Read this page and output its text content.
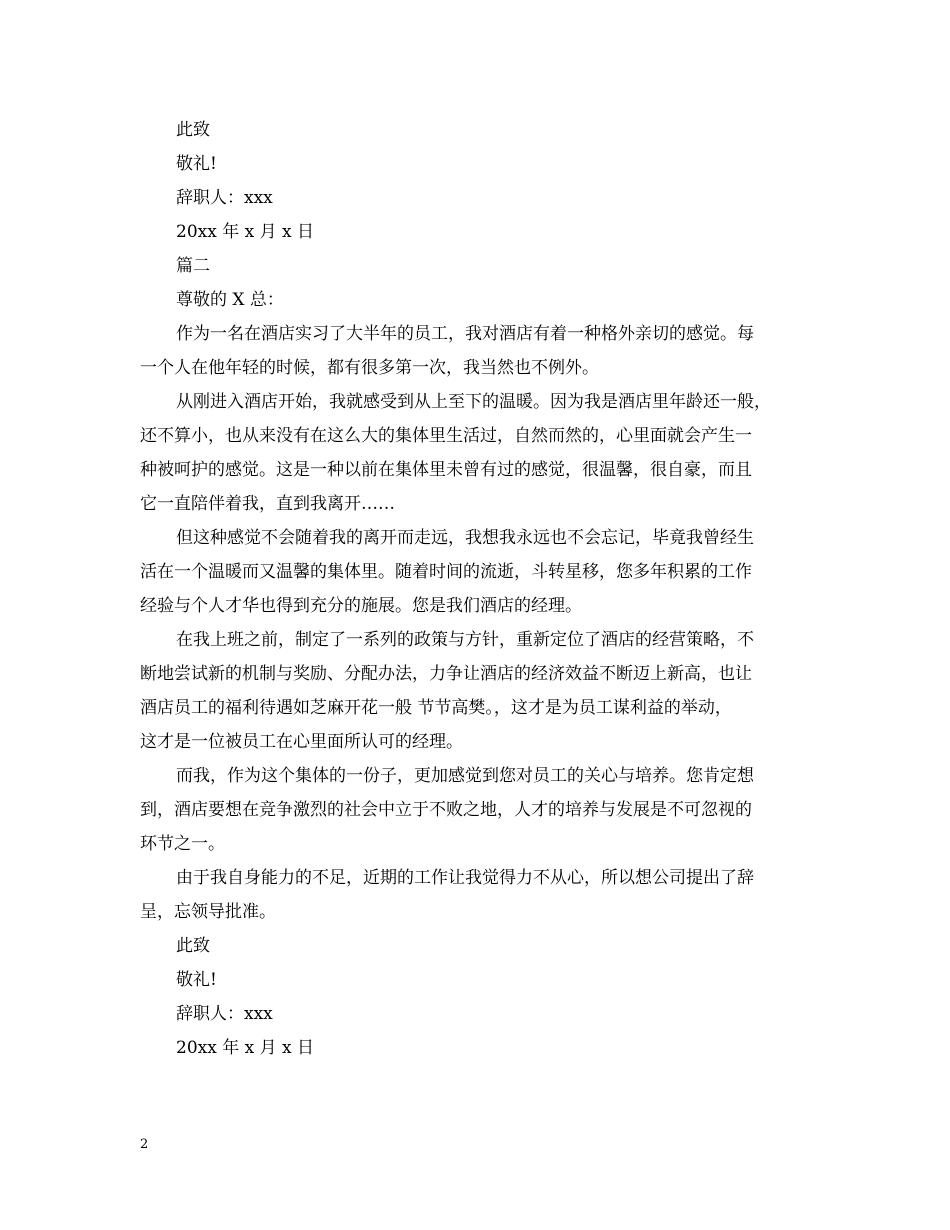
此致
敬礼!
辞职人：xxx
20xx 年 x 月 x 日
篇二
尊敬的 X 总：
作为一名在酒店实习了大半年的员工，我对酒店有着一种格外亲切的感觉。每
一个人在他年轻的时候，都有很多第一次，我当然也不例外。
从刚进入酒店开始，我就感受到从上至下的温暖。因为我是酒店里年龄还一般，
还不算小，也从来没有在这么大的集体里生活过，自然而然的，心里面就会产生一
种被呵护的感觉。这是一种以前在集体里未曾有过的感觉，很温馨，很自豪，而且
它一直陪伴着我，直到我离开……
但这种感觉不会随着我的离开而走远，我想我永远也不会忘记，毕竟我曾经生
活在一个温暖而又温馨的集体里。随着时间的流逝，斗转星移，您多年积累的工作
经验与个人才华也得到充分的施展。您是我们酒店的经理。
在我上班之前，制定了一系列的政策与方针，重新定位了酒店的经营策略，不
断地尝试新的机制与奖励、分配办法，力争让酒店的经济效益不断迈上新高，也让
酒店员工的福利待遇如芝麻开花一般 节节高樊。，这才是为员工谋利益的举动，
这才是一位被员工在心里面所认可的经理。
而我，作为这个集体的一份子，更加感觉到您对员工的关心与培养。您肯定想
到，酒店要想在竞争激烈的社会中立于不败之地，人才的培养与发展是不可忽视的
环节之一。
由于我自身能力的不足，近期的工作让我觉得力不从心，所以想公司提出了辞
呈，忘领导批准。
此致
敬礼!
辞职人：xxx
20xx 年 x 月 x 日
2
